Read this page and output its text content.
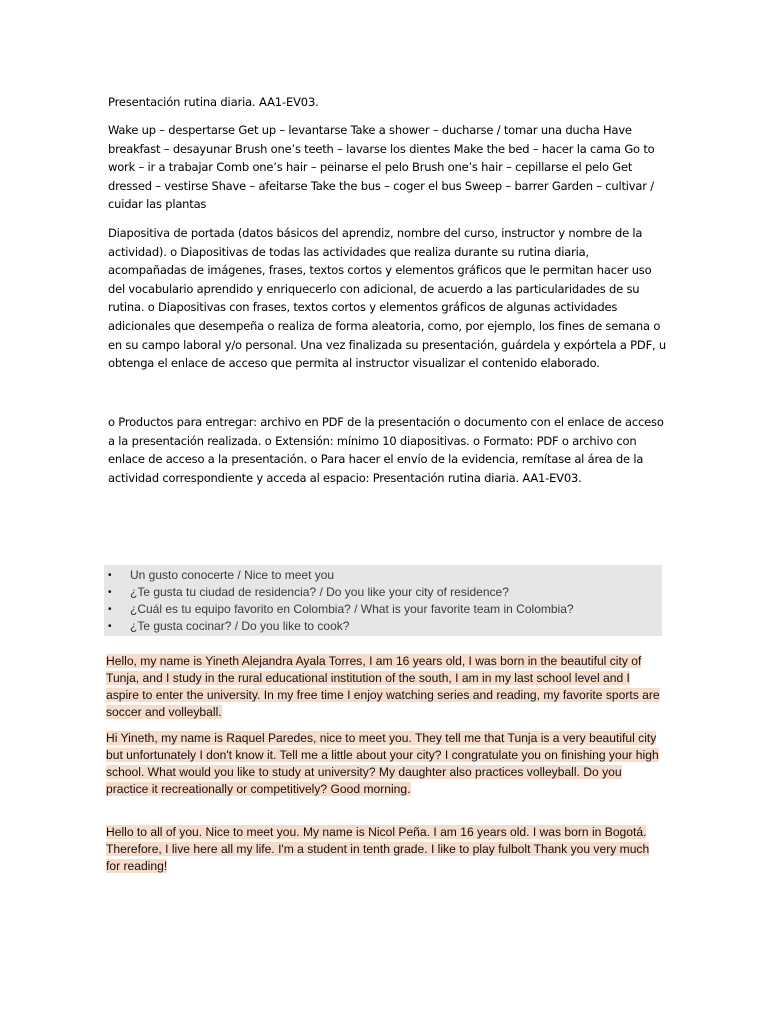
Presentación rutina diaria. AA1-EV03.

Wake up – despertarse Get up – levantarse Take a shower – ducharse / tomar una ducha Have breakfast – desayunar Brush one’s teeth – lavarse los dientes Make the bed – hacer la cama Go to work – ir a trabajar Comb one’s hair – peinarse el pelo Brush one’s hair – cepillarse el pelo Get dressed – vestirse Shave – afeitarse Take the bus – coger el bus Sweep – barrer Garden – cultivar / cuidar las plantas

Diapositiva de portada (datos básicos del aprendiz, nombre del curso, instructor y nombre de la actividad). o Diapositivas de todas las actividades que realiza durante su rutina diaria, acompañadas de imágenes, frases, textos cortos y elementos gráficos que le permitan hacer uso del vocabulario aprendido y enriquecerlo con adicional, de acuerdo a las particularidades de su rutina. o Diapositivas con frases, textos cortos y elementos gráficos de algunas actividades adicionales que desempeña o realiza de forma aleatoria, como, por ejemplo, los fines de semana o en su campo laboral y/o personal. Una vez finalizada su presentación, guárdela y expórtela a PDF, u obtenga el enlace de acceso que permita al instructor visualizar el contenido elaborado.

o Productos para entregar: archivo en PDF de la presentación o documento con el enlace de acceso a la presentación realizada. o Extensión: mínimo 10 diapositivas. o Formato: PDF o archivo con enlace de acceso a la presentación. o Para hacer el envío de la evidencia, remítase al área de la actividad correspondiente y acceda al espacio: Presentación rutina diaria. AA1-EV03.

• Un gusto conocerte / Nice to meet you
• ¿Te gusta tu ciudad de residencia? / Do you like your city of residence?
• ¿Cuál es tu equipo favorito en Colombia? / What is your favorite team in Colombia?
• ¿Te gusta cocinar? / Do you like to cook?

Hello, my name is Yineth Alejandra Ayala Torres, I am 16 years old, I was born in the beautiful city of Tunja, and I study in the rural educational institution of the south, I am in my last school level and I aspire to enter the university. In my free time I enjoy watching series and reading, my favorite sports are soccer and volleyball.

Hi Yineth, my name is Raquel Paredes, nice to meet you. They tell me that Tunja is a very beautiful city but unfortunately I don't know it. Tell me a little about your city? I congratulate you on finishing your high school. What would you like to study at university? My daughter also practices volleyball. Do you practice it recreationally or competitively? Good morning.

Hello to all of you. Nice to meet you. My name is Nicol Peña. I am 16 years old. I was born in Bogotá. Therefore, I live here all my life. I'm a student in tenth grade. I like to play fulbolt Thank you very much for reading!
